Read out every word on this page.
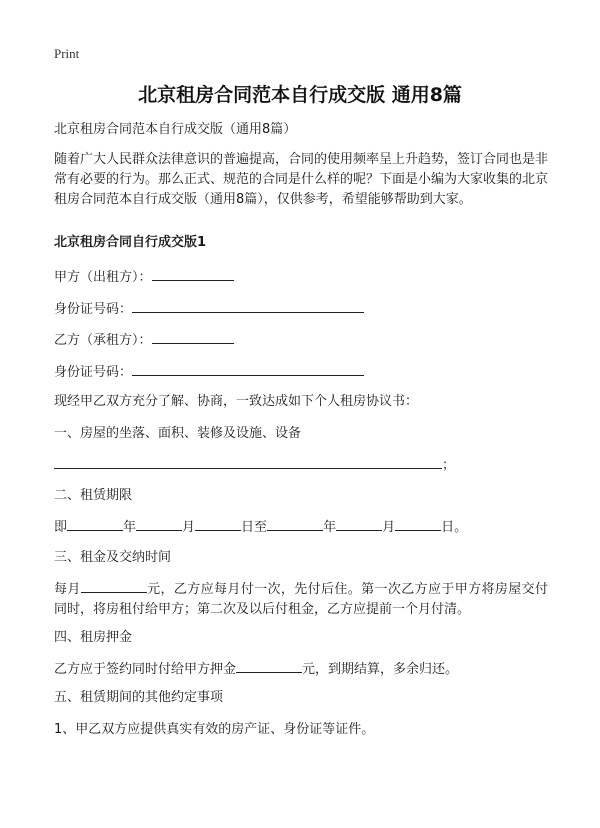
Print
北京租房合同范本自行成交版 通用8篇
北京租房合同范本自行成交版（通用8篇）
随着广大人民群众法律意识的普遍提高，合同的使用频率呈上升趋势，签订合同也是非常有必要的行为。那么正式、规范的合同是什么样的呢？下面是小编为大家收集的北京租房合同范本自行成交版（通用8篇），仅供参考，希望能够帮助到大家。
北京租房合同自行成交版1
甲方（出租方）：
身份证号码：
乙方（承租方）：
身份证号码：
现经甲乙双方充分了解、协商，一致达成如下个人租房协议书：
一、房屋的坐落、面积、装修及设施、设备
；
二、租赁期限
即	年	月	日至	年	月	日。
三、租金及交纳时间
每月	元，乙方应每月付一次，先付后住。第一次乙方应于甲方将房屋交付同时，将房租付给甲方；第二次及以后付租金，乙方应提前一个月付清。
四、租房押金
乙方应于签约同时付给甲方押金	元，到期结算，多余归还。
五、租赁期间的其他约定事项
1、甲乙双方应提供真实有效的房产证、身份证等证件。
